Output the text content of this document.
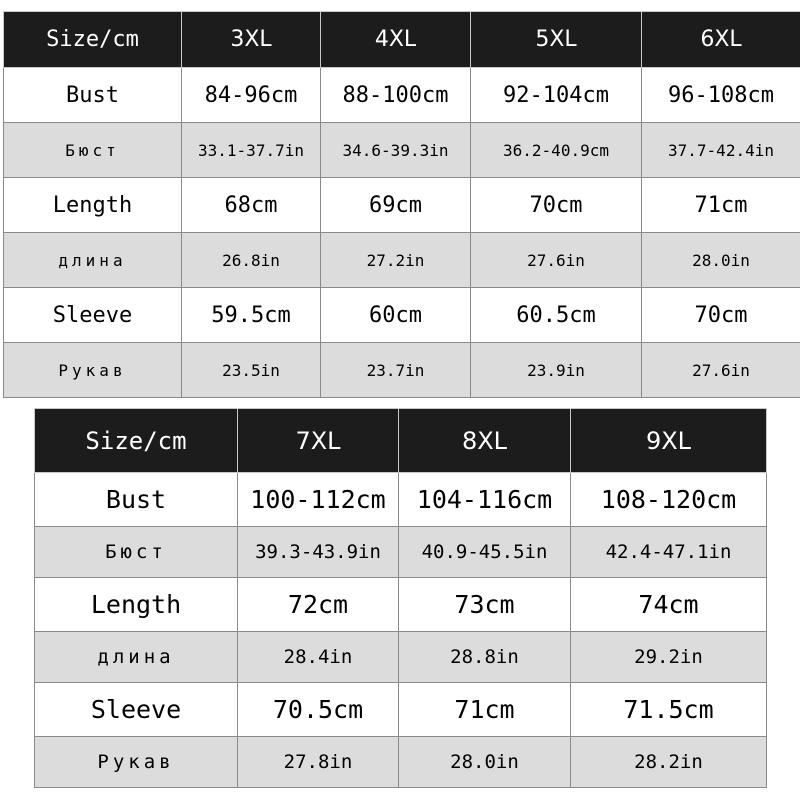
Size/cm	3XL	4XL	5XL	6XL
Bust	84-96cm	88-100cm	92-104cm	96-108cm
Бюст	33.1-37.7in	34.6-39.3in	36.2-40.9cm	37.7-42.4in
Length	68cm	69cm	70cm	71cm
длина	26.8in	27.2in	27.6in	28.0in
Sleeve	59.5cm	60cm	60.5cm	70cm
Рукав	23.5in	23.7in	23.9in	27.6in
Size/cm	7XL	8XL	9XL
Bust	100-112cm	104-116cm	108-120cm
Бюст	39.3-43.9in	40.9-45.5in	42.4-47.1in
Length	72cm	73cm	74cm
длина	28.4in	28.8in	29.2in
Sleeve	70.5cm	71cm	71.5cm
Рукав	27.8in	28.0in	28.2in
